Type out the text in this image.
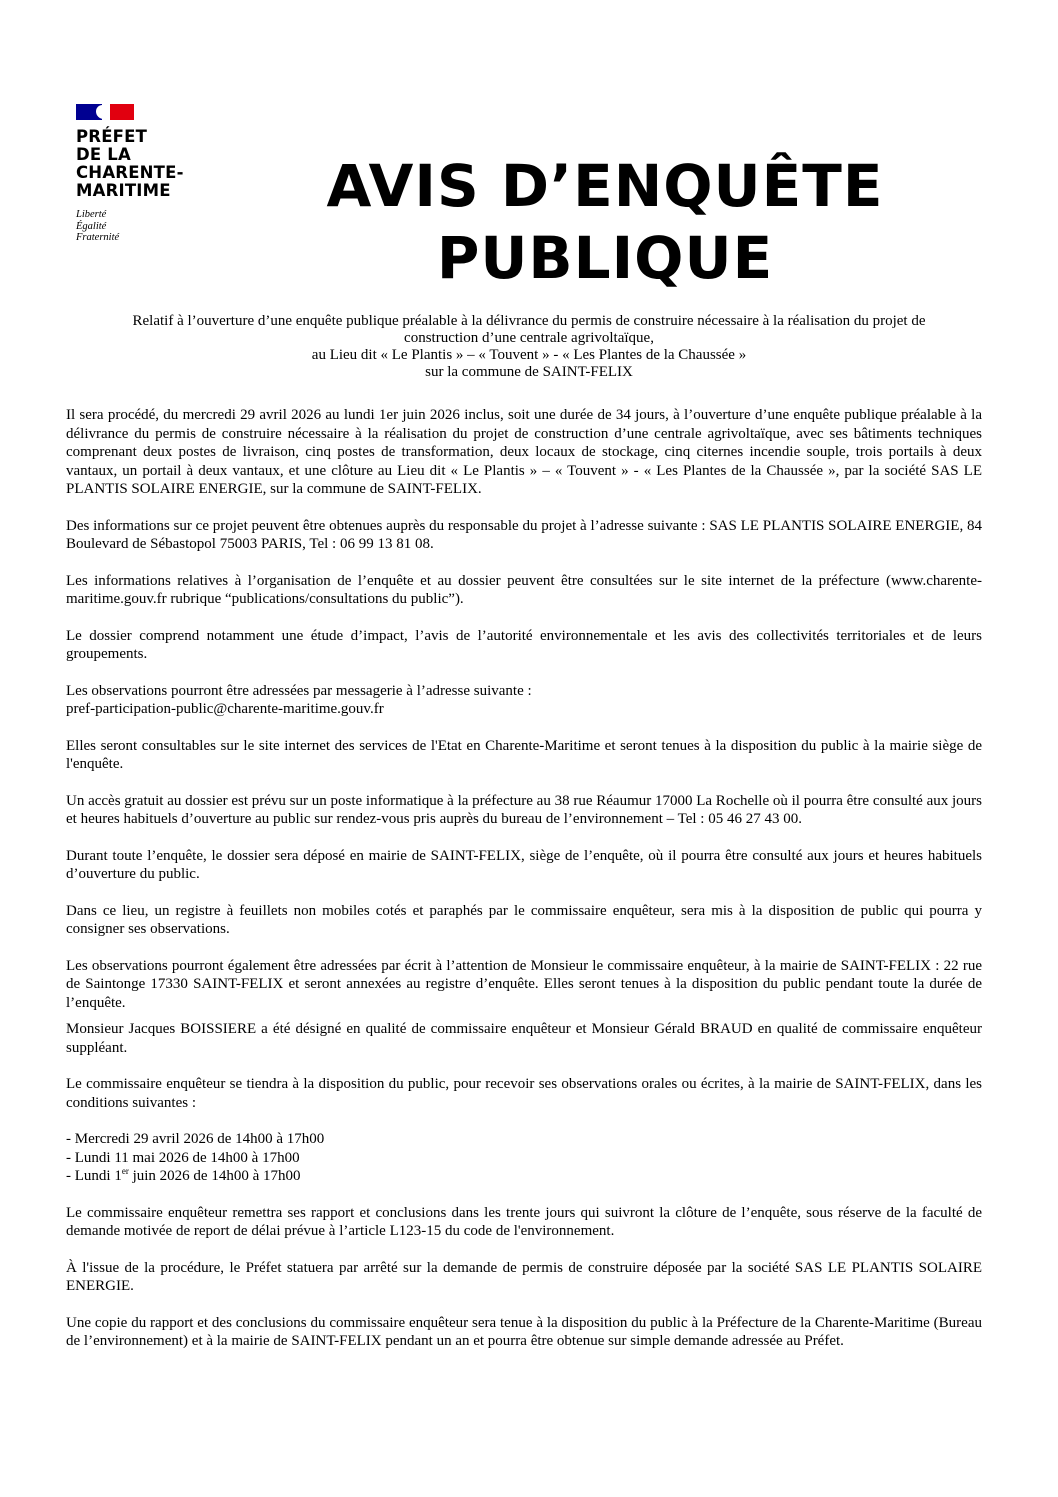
PRÉFET
DE LA
CHARENTE-
MARITIME
Liberté
Égalité
Fraternité
AVIS D’ENQUÊTE
PUBLIQUE
Relatif à l’ouverture d’une enquête publique préalable à la délivrance du permis de construire nécessaire à la réalisation du projet de
construction d’une centrale agrivoltaïque,
au Lieu dit « Le Plantis » – « Touvent » - « Les Plantes de la Chaussée »
sur la commune de SAINT-FELIX

Il sera procédé, du mercredi 29 avril 2026 au lundi 1er juin 2026 inclus, soit une durée de 34 jours, à l’ouverture d’une enquête publique préalable à la délivrance du permis de construire nécessaire à la réalisation du projet de construction d’une centrale agrivoltaïque, avec ses bâtiments techniques comprenant deux postes de livraison, cinq postes de transformation, deux locaux de stockage, cinq citernes incendie souple, trois portails à deux vantaux, un portail à deux vantaux, et une clôture au Lieu dit « Le Plantis » – « Touvent » - « Les Plantes de la Chaussée », par la société SAS LE PLANTIS SOLAIRE ENERGIE, sur la commune de SAINT-FELIX.

Des informations sur ce projet peuvent être obtenues auprès du responsable du projet à l’adresse suivante : SAS LE PLANTIS SOLAIRE ENERGIE, 84 Boulevard de Sébastopol 75003 PARIS, Tel : 06 99 13 81 08.

Les informations relatives à l’organisation de l’enquête et au dossier peuvent être consultées sur le site internet de la préfecture (www.charente-maritime.gouv.fr rubrique “publications/consultations du public”).

Le dossier comprend notamment une étude d’impact, l’avis de l’autorité environnementale et les avis des collectivités territoriales et de leurs groupements.

Les observations pourront être adressées par messagerie à l’adresse suivante :
pref-participation-public@charente-maritime.gouv.fr

Elles seront consultables sur le site internet des services de l'Etat en Charente-Maritime et seront tenues à la disposition du public à la mairie siège de l'enquête.

Un accès gratuit au dossier est prévu sur un poste informatique à la préfecture au 38 rue Réaumur 17000 La Rochelle où il pourra être consulté aux jours et heures habituels d’ouverture au public sur rendez-vous pris auprès du bureau de l’environnement – Tel : 05 46 27 43 00.

Durant toute l’enquête, le dossier sera déposé en mairie de SAINT-FELIX, siège de l’enquête, où il pourra être consulté aux jours et heures habituels d’ouverture du public.

Dans ce lieu, un registre à feuillets non mobiles cotés et paraphés par le commissaire enquêteur, sera mis à la disposition de public qui pourra y consigner ses observations.

Les observations pourront également être adressées par écrit à l’attention de Monsieur le commissaire enquêteur, à la mairie de SAINT-FELIX : 22 rue de Saintonge 17330 SAINT-FELIX et seront annexées au registre d’enquête. Elles seront tenues à la disposition du public pendant toute la durée de l’enquête.

Monsieur Jacques BOISSIERE a été désigné en qualité de commissaire enquêteur et Monsieur Gérald BRAUD en qualité de commissaire enquêteur suppléant.

Le commissaire enquêteur se tiendra à la disposition du public, pour recevoir ses observations orales ou écrites, à la mairie de SAINT-FELIX, dans les conditions suivantes :

- Mercredi 29 avril 2026 de 14h00 à 17h00
- Lundi 11 mai 2026 de 14h00 à 17h00
- Lundi 1er juin 2026 de 14h00 à 17h00

Le commissaire enquêteur remettra ses rapport et conclusions dans les trente jours qui suivront la clôture de l’enquête, sous réserve de la faculté de demande motivée de report de délai prévue à l’article L123-15 du code de l'environnement.

À l'issue de la procédure, le Préfet statuera par arrêté sur la demande de permis de construire déposée par la société SAS LE PLANTIS SOLAIRE ENERGIE.

Une copie du rapport et des conclusions du commissaire enquêteur sera tenue à la disposition du public à la Préfecture de la Charente-Maritime (Bureau de l’environnement) et à la mairie de SAINT-FELIX pendant un an et pourra être obtenue sur simple demande adressée au Préfet.
